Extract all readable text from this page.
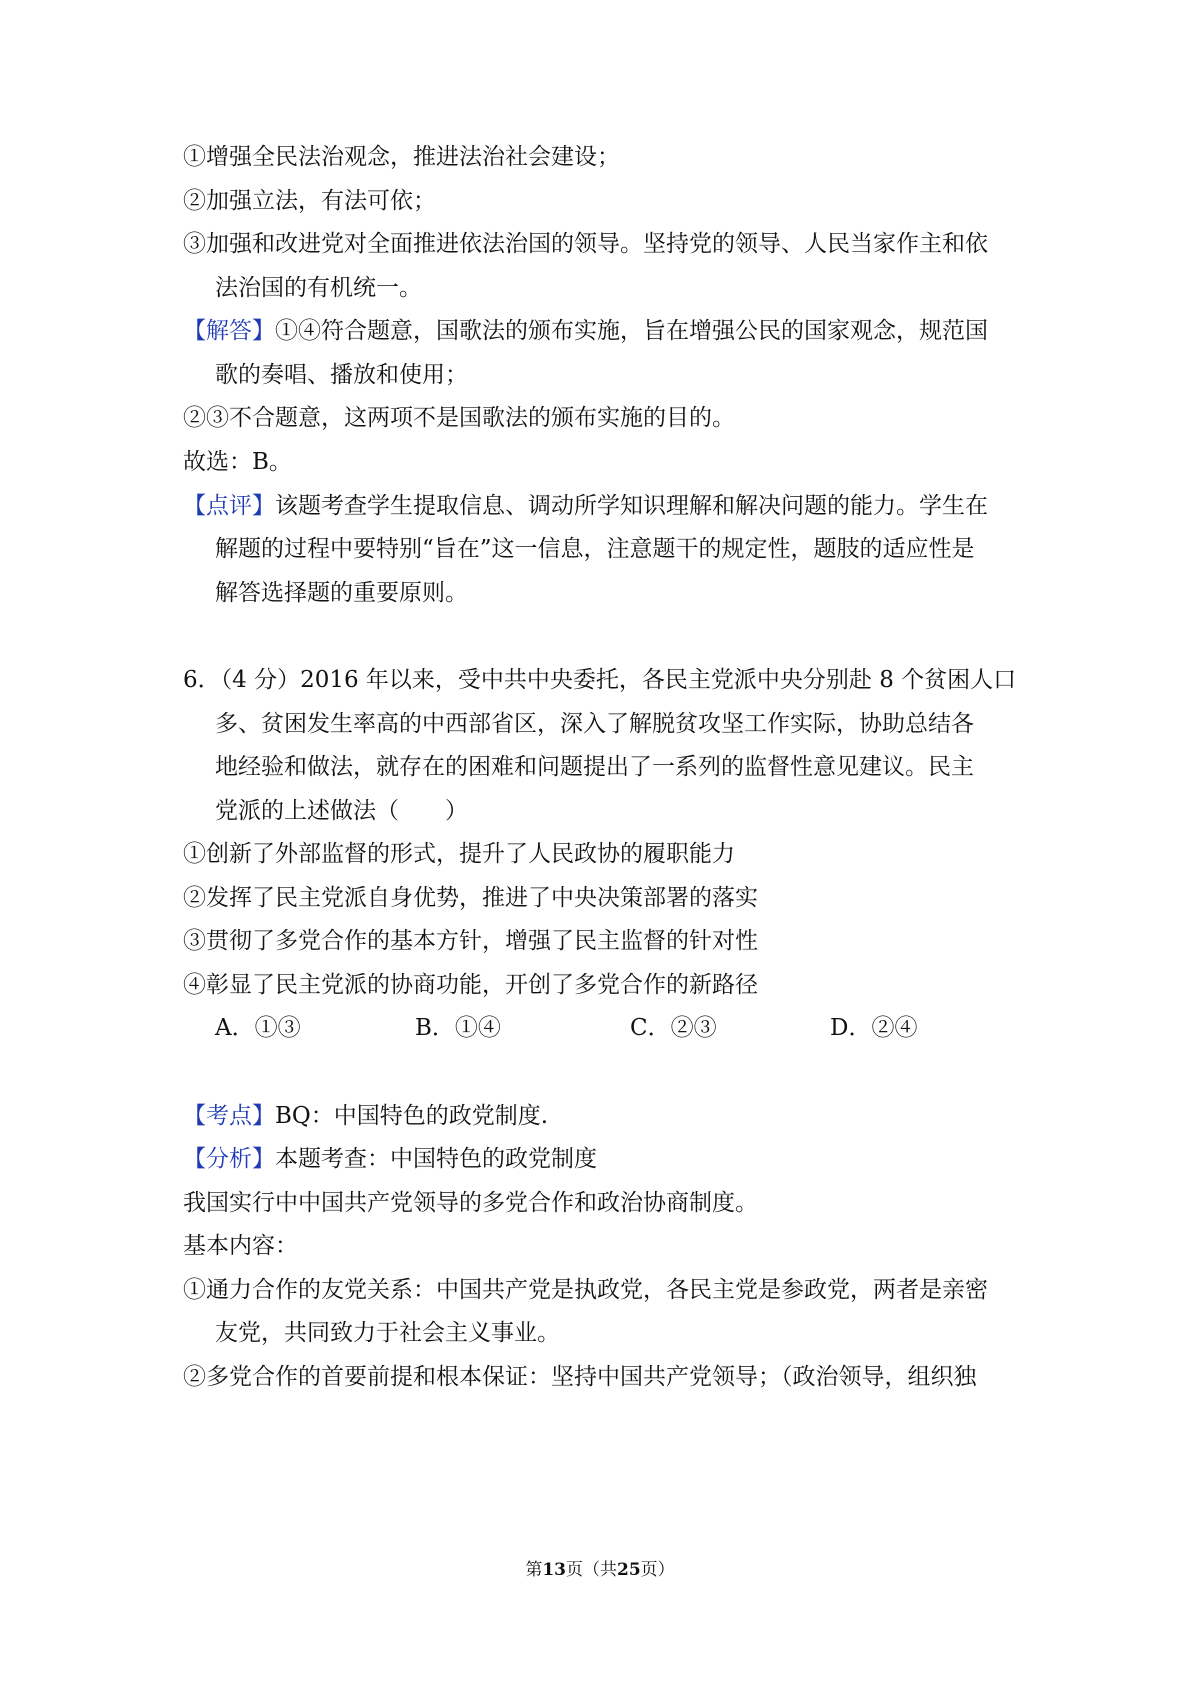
①增强全民法治观念，推进法治社会建设；

②加强立法，有法可依；

③加强和改进党对全面推进依法治国的领导。坚持党的领导、人民当家作主和依

法治国的有机统一。

【解答】①④符合题意，国歌法的颁布实施，旨在增强公民的国家观念，规范国

歌的奏唱、播放和使用；

②③不合题意，这两项不是国歌法的颁布实施的目的。

故选：B。

【点评】该题考查学生提取信息、调动所学知识理解和解决问题的能力。学生在

解题的过程中要特别“旨在”这一信息，注意题干的规定性，题肢的适应性是

解答选择题的重要原则。

6．（4 分）2016 年以来，受中共中央委托，各民主党派中央分别赴 8 个贫困人口

多、贫困发生率高的中西部省区，深入了解脱贫攻坚工作实际，协助总结各

地经验和做法，就存在的困难和问题提出了一系列的监督性意见建议。民主

党派的上述做法（　　）

①创新了外部监督的形式，提升了人民政协的履职能力

②发挥了民主党派自身优势，推进了中央决策部署的落实

③贯彻了多党合作的基本方针，增强了民主监督的针对性

④彰显了民主党派的协商功能，开创了多党合作的新路径

A．①③	B．①④	C．②③	D．②④

【考点】BQ：中国特色的政党制度.

【分析】本题考查：中国特色的政党制度

我国实行中中国共产党领导的多党合作和政治协商制度。

基本内容：

①通力合作的友党关系：中国共产党是执政党，各民主党是参政党，两者是亲密

友党，共同致力于社会主义事业。

②多党合作的首要前提和根本保证：坚持中国共产党领导；（政治领导，组织独

第13页（共25页）
